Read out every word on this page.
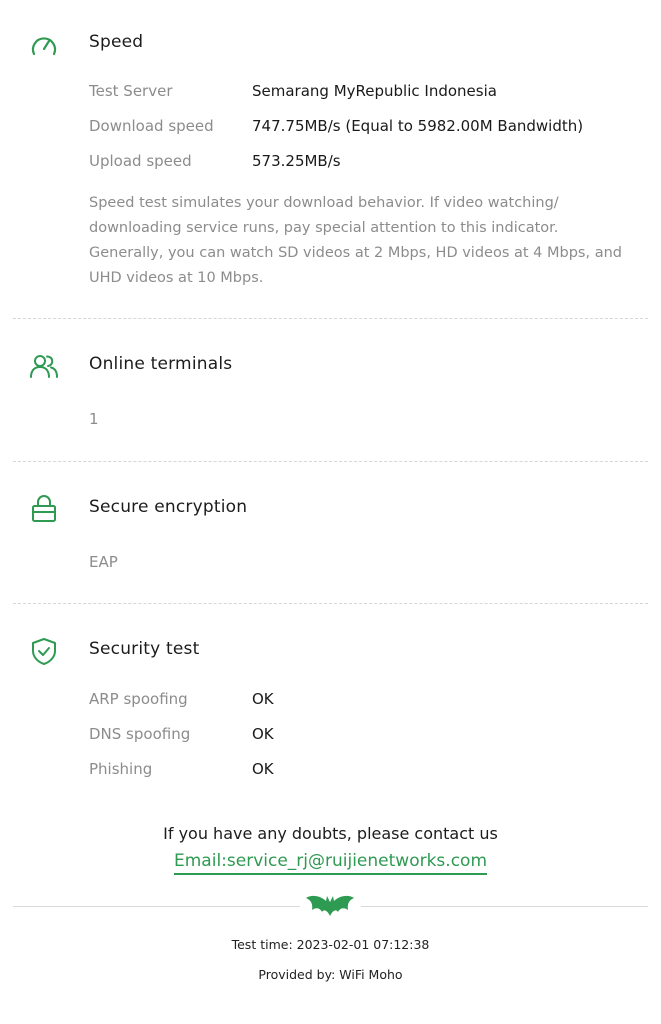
Speed
Test Server	Semarang MyRepublic Indonesia
Download speed	747.75MB/s (Equal to 5982.00M Bandwidth)
Upload speed	573.25MB/s
Speed test simulates your download behavior. If video watching/ downloading service runs, pay special attention to this indicator. Generally, you can watch SD videos at 2 Mbps, HD videos at 4 Mbps, and UHD videos at 10 Mbps.
Online terminals
1
Secure encryption
EAP
Security test
ARP spoofing	OK
DNS spoofing	OK
Phishing	OK
If you have any doubts, please contact us
Email:service_rj@ruijienetworks.com
Test time: 2023-02-01 07:12:38
Provided by: WiFi Moho
